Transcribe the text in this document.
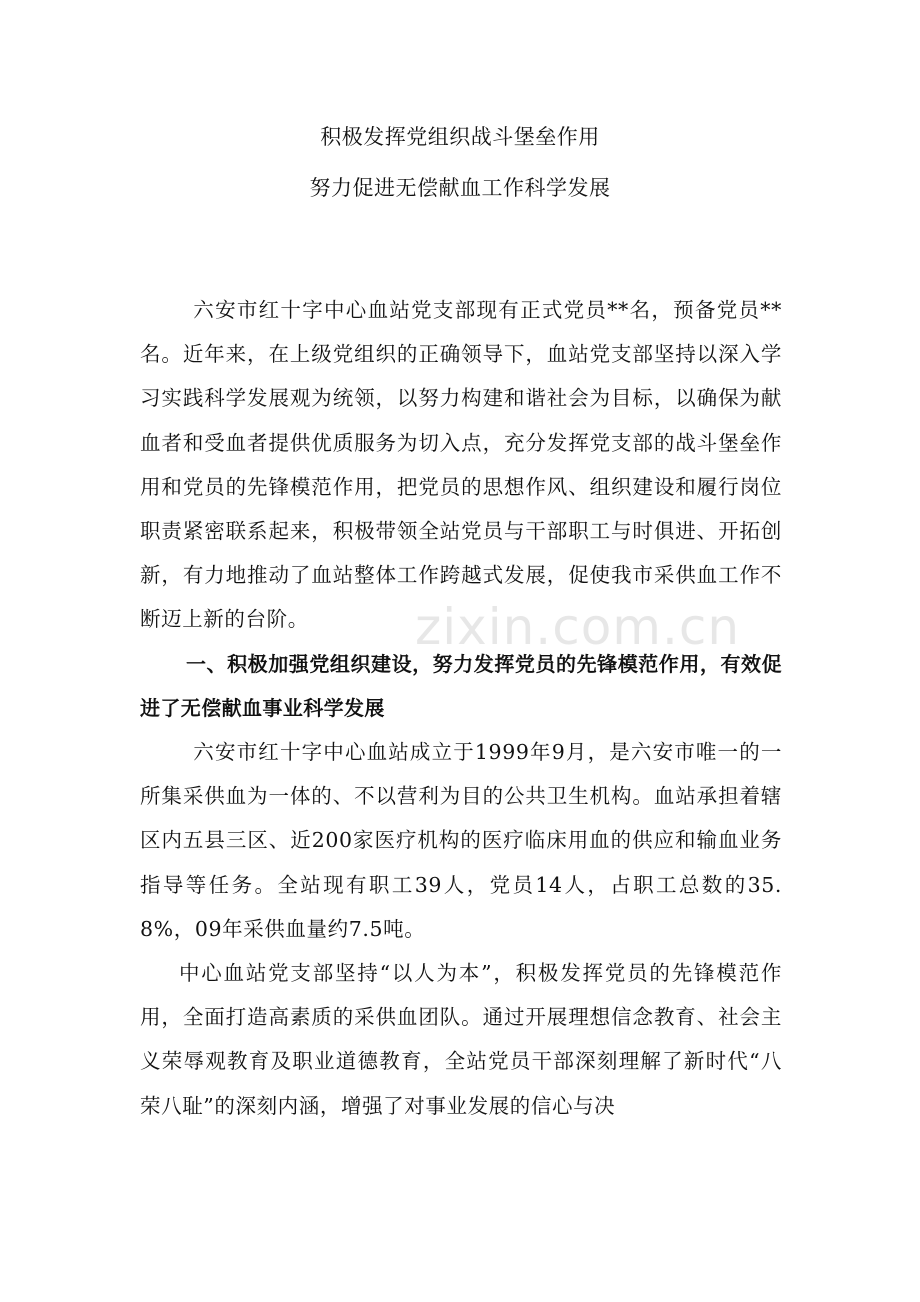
积极发挥党组织战斗堡垒作用
努力促进无偿献血工作科学发展

六安市红十字中心血站党支部现有正式党员**名，预备党员**名。近年来，在上级党组织的正确领导下，血站党支部坚持以深入学习实践科学发展观为统领，以努力构建和谐社会为目标，以确保为献血者和受血者提供优质服务为切入点，充分发挥党支部的战斗堡垒作用和党员的先锋模范作用，把党员的思想作风、组织建设和履行岗位职责紧密联系起来，积极带领全站党员与干部职工与时俱进、开拓创新，有力地推动了血站整体工作跨越式发展，促使我市采供血工作不断迈上新的台阶。

一、积极加强党组织建设，努力发挥党员的先锋模范作用，有效促进了无偿献血事业科学发展

六安市红十字中心血站成立于1999年9月，是六安市唯一的一所集采供血为一体的、不以营利为目的公共卫生机构。血站承担着辖区内五县三区、近200家医疗机构的医疗临床用血的供应和输血业务指导等任务。全站现有职工39人，党员14人，占职工总数的35.8%，09年采供血量约7.5吨。

中心血站党支部坚持“以人为本”，积极发挥党员的先锋模范作用，全面打造高素质的采供血团队。通过开展理想信念教育、社会主义荣辱观教育及职业道德教育，全站党员干部深刻理解了新时代“八荣八耻”的深刻内涵，增强了对事业发展的信心与决

zixin.com.cn
